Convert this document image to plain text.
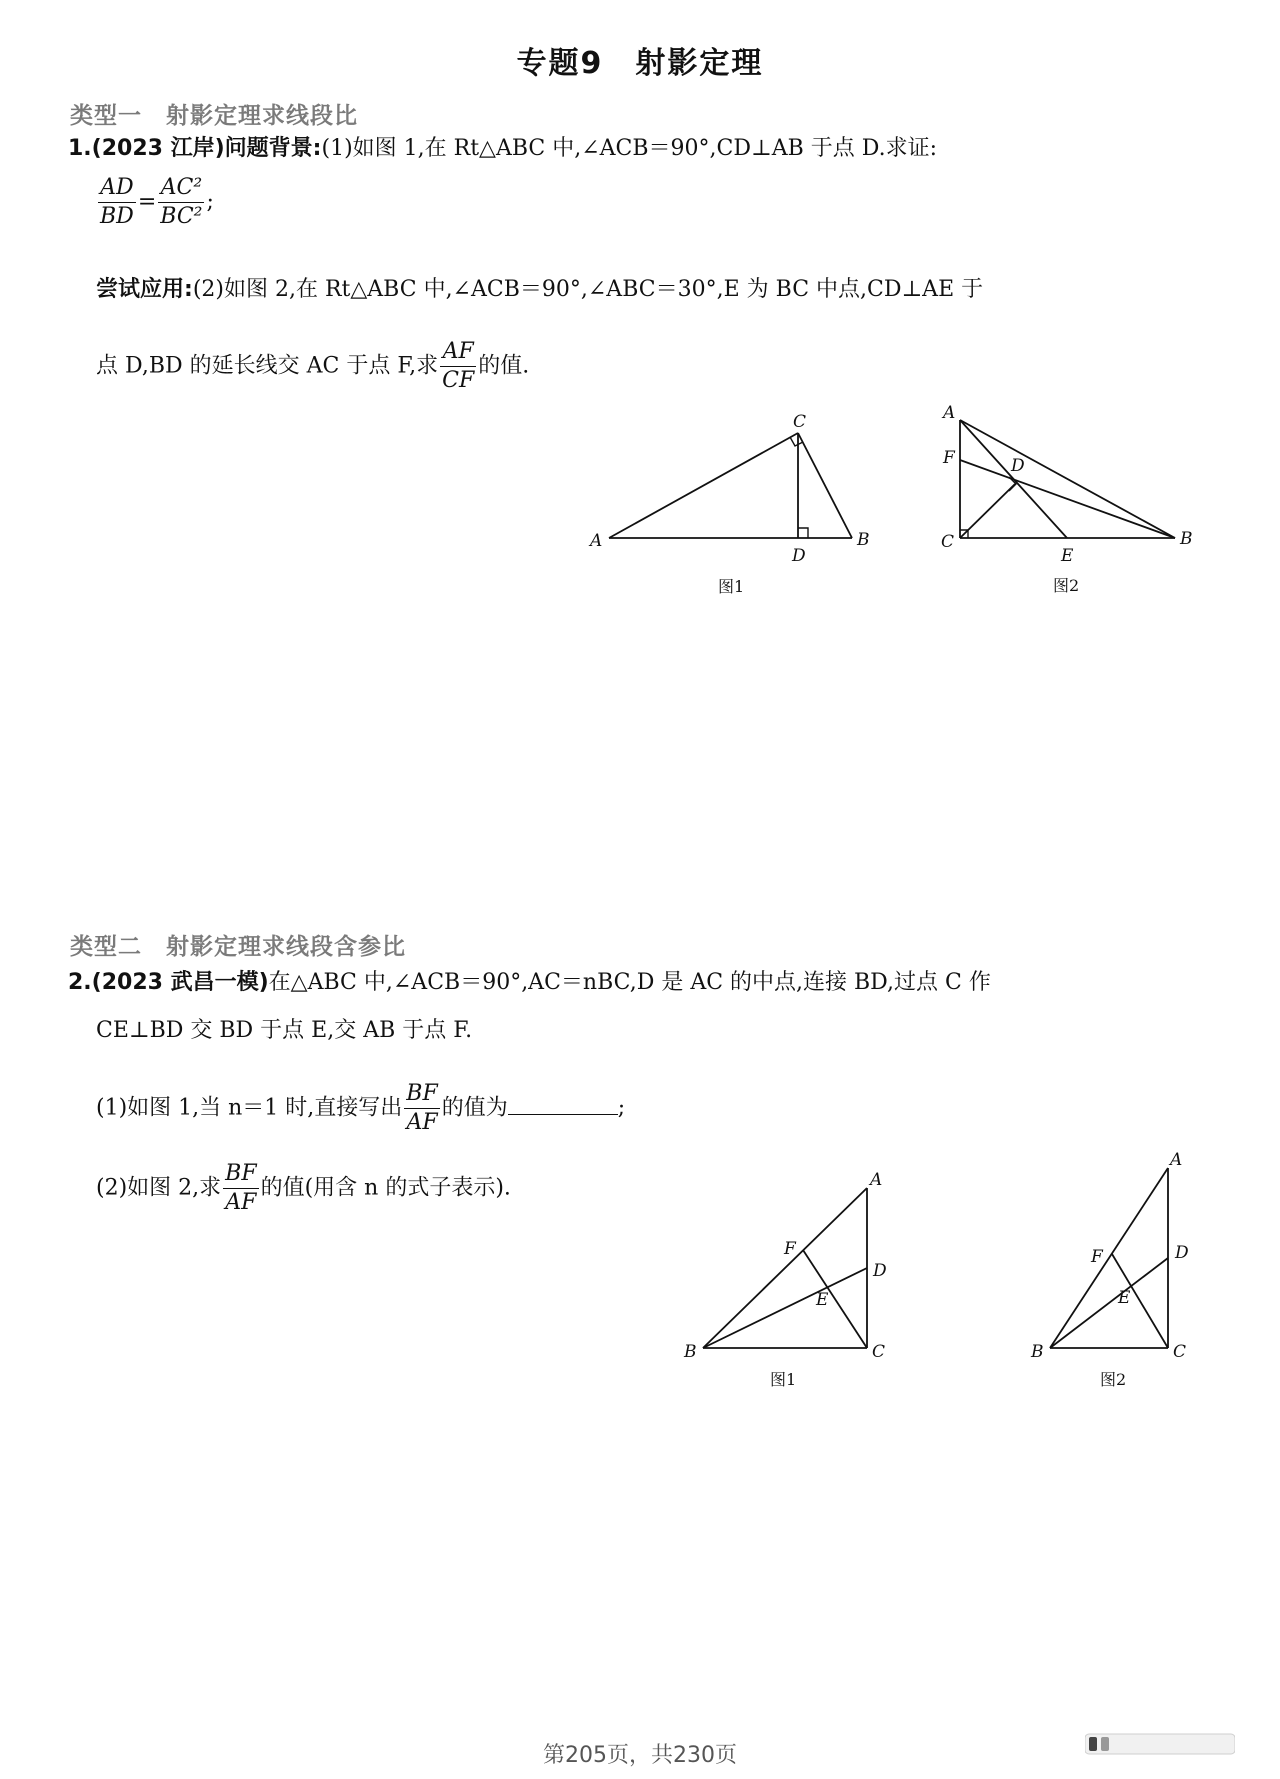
专题9　射影定理
类型一　射影定理求线段比
1.(2023 江岸)问题背景:(1)如图 1,在 Rt△ABC 中,∠ACB＝90°,CD⊥AB 于点 D.求证:
$\frac{AD}{BD} = \frac{\text{AC²}}{\text{BC²}}$ ;
尝试应用:(2)如图 2,在 Rt△ABC 中,∠ACB＝90°,∠ABC＝30°,E 为 BC 中点,CD⊥AE 于
点 D,BD 的延长线交 AC 于点 F,求 $\frac{AF}{CF}$ 的值.
A	B
C
D
图1
A
F	D
C
E
B
图2
类型二　射影定理求线段含参比
2.(2023 武昌一模)在△ABC 中,∠ACB＝90°,AC＝nBC,D 是 AC 的中点,连接 BD,过点 C 作
CE⊥BD 交 BD 于点 E,交 AB 于点 F.
(1)如图 1,当 n＝1 时,直接写出 $\frac{BF}{AF}$ 的值为	;
(2)如图 2,求 $\frac{BF}{AF}$ 的值(用含 n 的式子表示).	A
F
D
E
B	C
图1
A
D
F
E
B	C
图2
第205页，共230页
